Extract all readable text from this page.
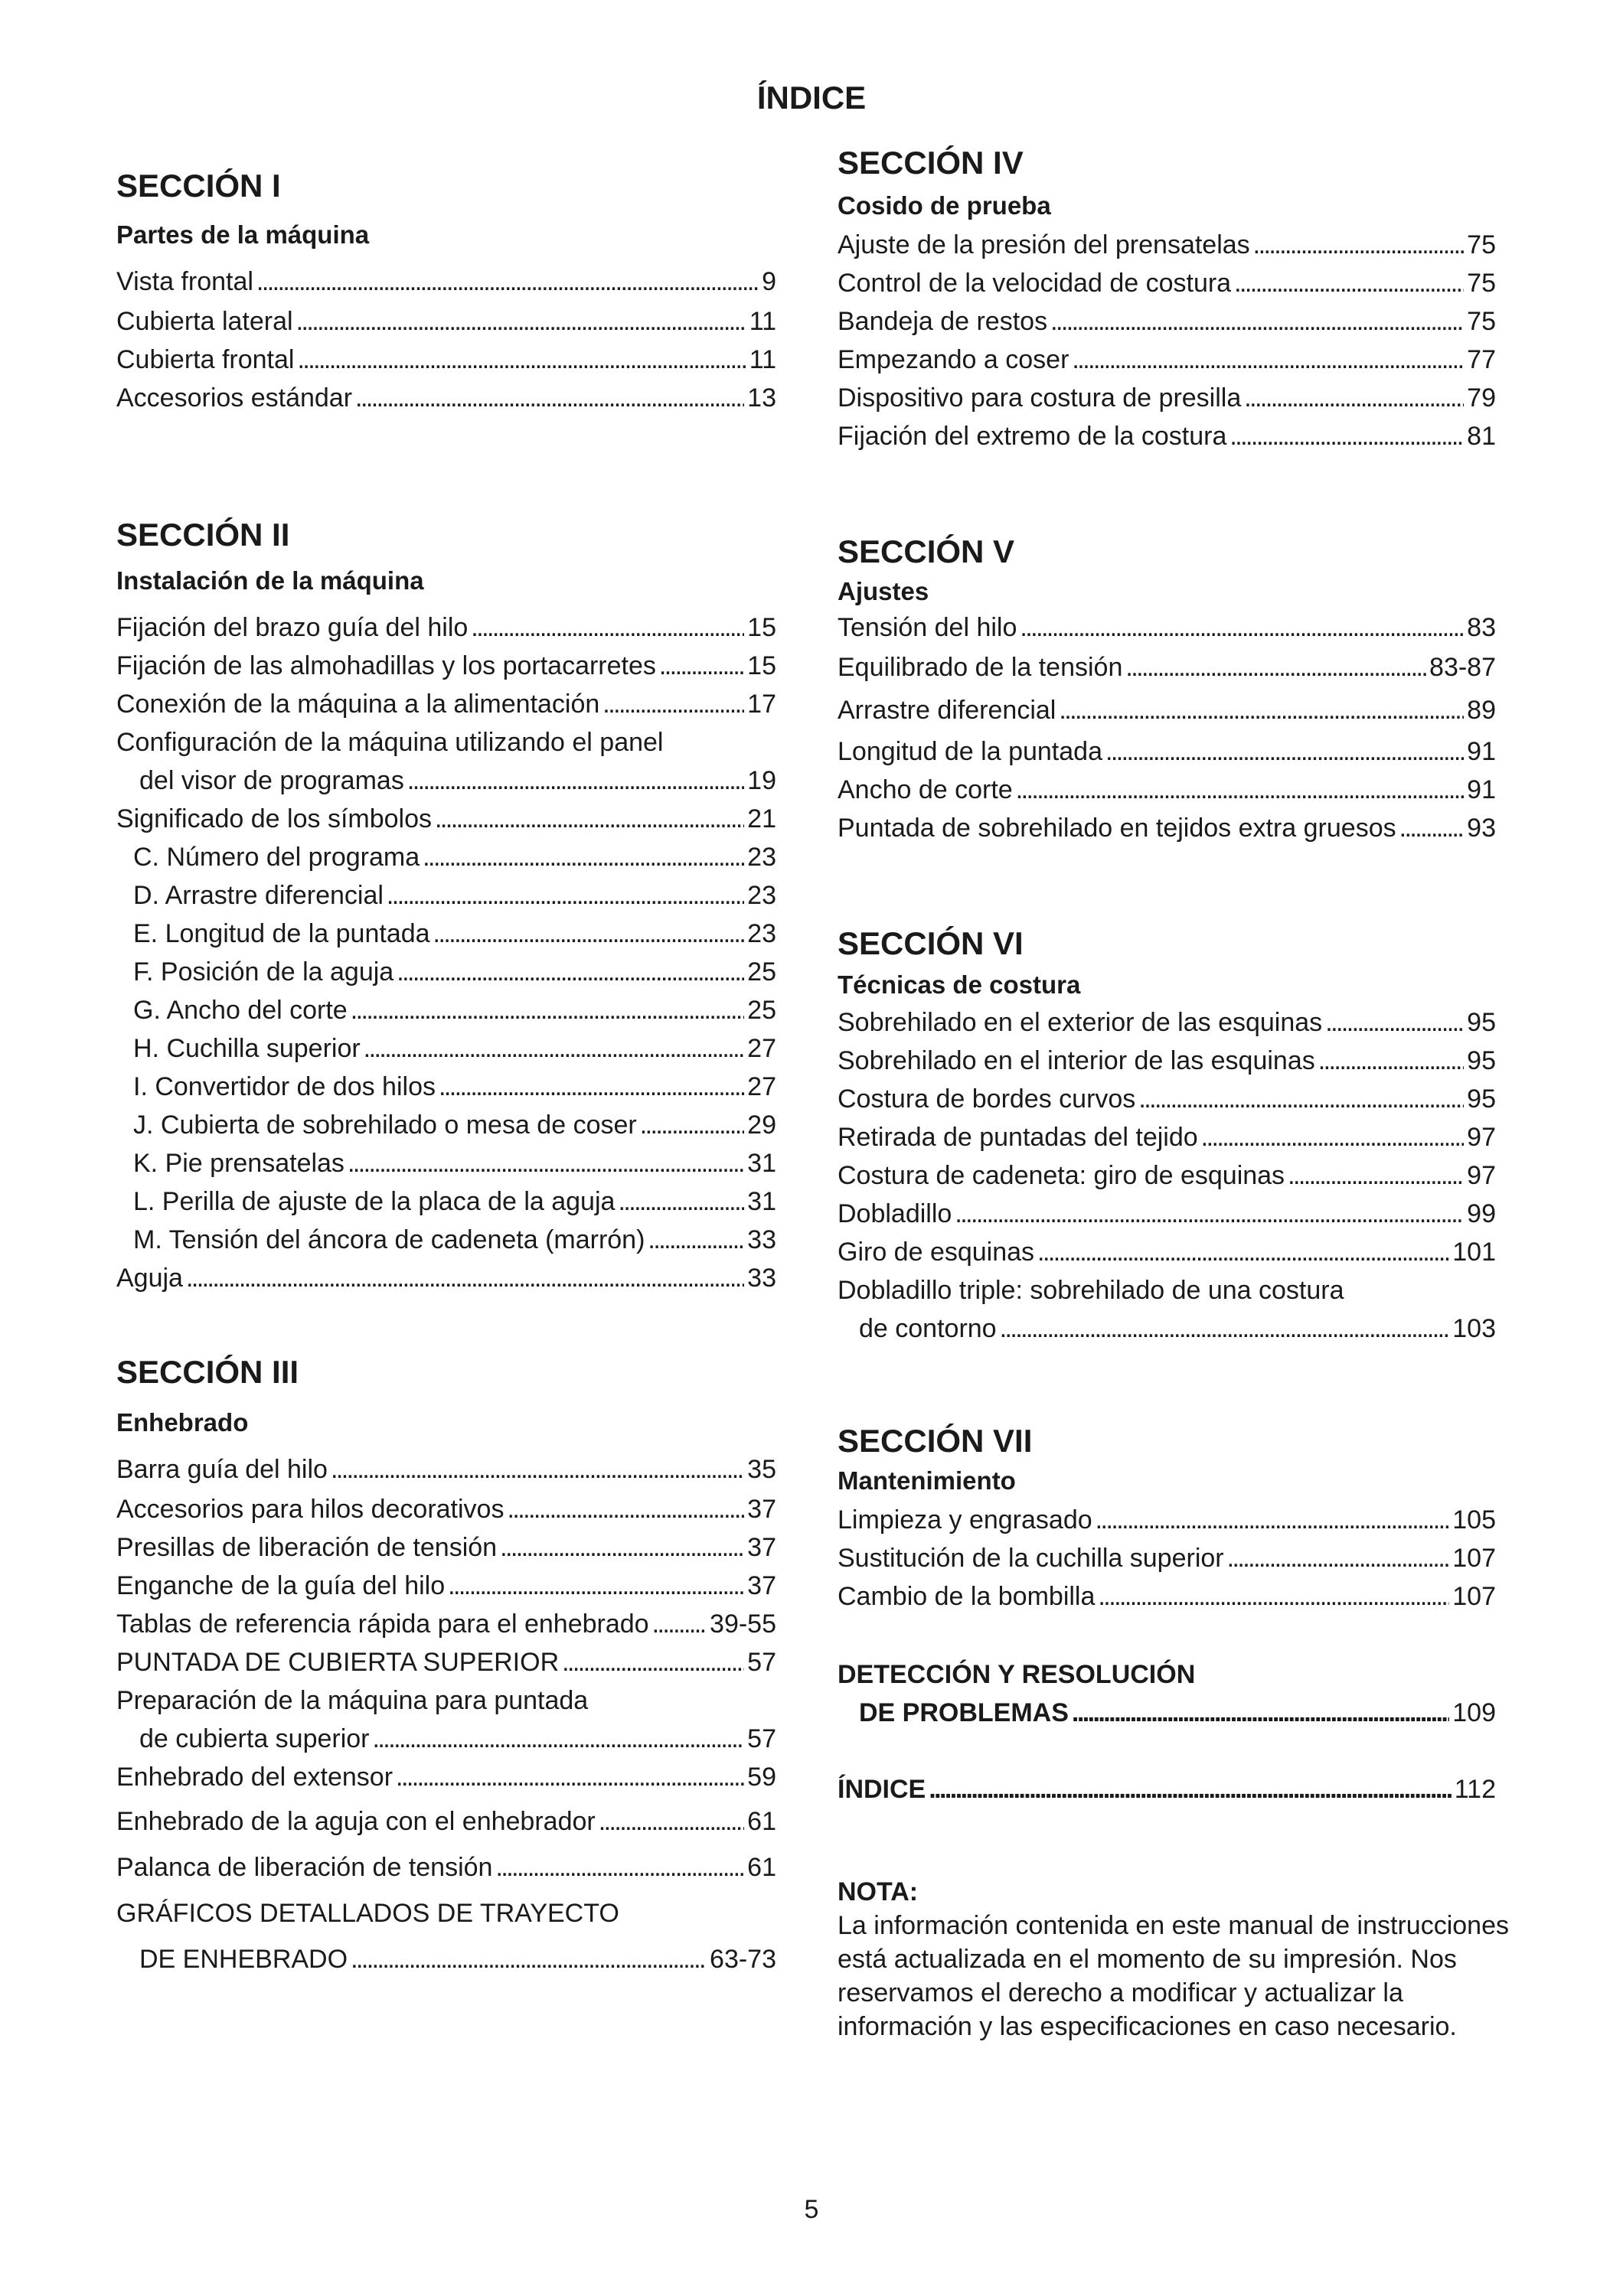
ÍNDICE
SECCIÓN I
Partes de la máquina
Vista frontal . . .	9
Cubierta lateral . . .	11
Cubierta frontal . . .	11
Accesorios estándar . . .	13
SECCIÓN II
Instalación de la máquina
Fijación del brazo guía del hilo . . .	15
Fijación de las almohadillas y los portacarretes . . .	15
Conexión de la máquina a la alimentación . . .	17
Configuración de la máquina utilizando el panel
del visor de programas . . .	19
Significado de los símbolos . . .	21
C. Número del programa . . .	23
D. Arrastre diferencial . . .	23
E. Longitud de la puntada . . .	23
F. Posición de la aguja . . .	25
G. Ancho del corte . . .	25
H. Cuchilla superior . . .	27
I. Convertidor de dos hilos . . .	27
J. Cubierta de sobrehilado o mesa de coser . . .	29
K. Pie prensatelas . . .	31
L. Perilla de ajuste de la placa de la aguja . . .	31
M. Tensión del áncora de cadeneta (marrón) . . .	33
Aguja . . .	33
SECCIÓN III
Enhebrado
Barra guía del hilo . . .	35
Accesorios para hilos decorativos . . .	37
Presillas de liberación de tensión . . .	37
Enganche de la guía del hilo . . .	37
Tablas de referencia rápida para el enhebrado . . . 39-55
PUNTADA DE CUBIERTA SUPERIOR . . .	57
Preparación de la máquina para puntada
de cubierta superior . . .	57
Enhebrado del extensor . . .	59
Enhebrado de la aguja con el enhebrador . . .	61
Palanca de liberación de tensión . . .	61
GRÁFICOS DETALLADOS DE TRAYECTO
DE ENHEBRADO . . .	63-73
SECCIÓN IV
Cosido de prueba
Ajuste de la presión del prensatelas . . .	75
Control de la velocidad de costura . . .	75
Bandeja de restos . . .	75
Empezando a coser . . .	77
Dispositivo para costura de presilla . . .	79
Fijación del extremo de la costura . . .	81
SECCIÓN V
Ajustes
Tensión del hilo . . .	83
Equilibrado de la tensión . . .	83-87
Arrastre diferencial . . .	89
Longitud de la puntada . . .	91
Ancho de corte . . .	91
Puntada de sobrehilado en tejidos extra gruesos . . .	93
SECCIÓN VI
Técnicas de costura
Sobrehilado en el exterior de las esquinas . . .	95
Sobrehilado en el interior de las esquinas . . .	95
Costura de bordes curvos . . .	95
Retirada de puntadas del tejido . . .	97
Costura de cadeneta: giro de esquinas . . .	97
Dobladillo . . .	99
Giro de esquinas . . .	101
Dobladillo triple: sobrehilado de una costura
de contorno . . .	103
SECCIÓN VII
Mantenimiento
Limpieza y engrasado . . .	105
Sustitución de la cuchilla superior . . .	107
Cambio de la bombilla . . .	107
DETECCIÓN Y RESOLUCIÓN
DE PROBLEMAS . . .	109
ÍNDICE . . .	112
NOTA:
La información contenida en este manual de instrucciones está actualizada en el momento de su impresión. Nos reservamos el derecho a modificar y actualizar la información y las especificaciones en caso necesario.
5
